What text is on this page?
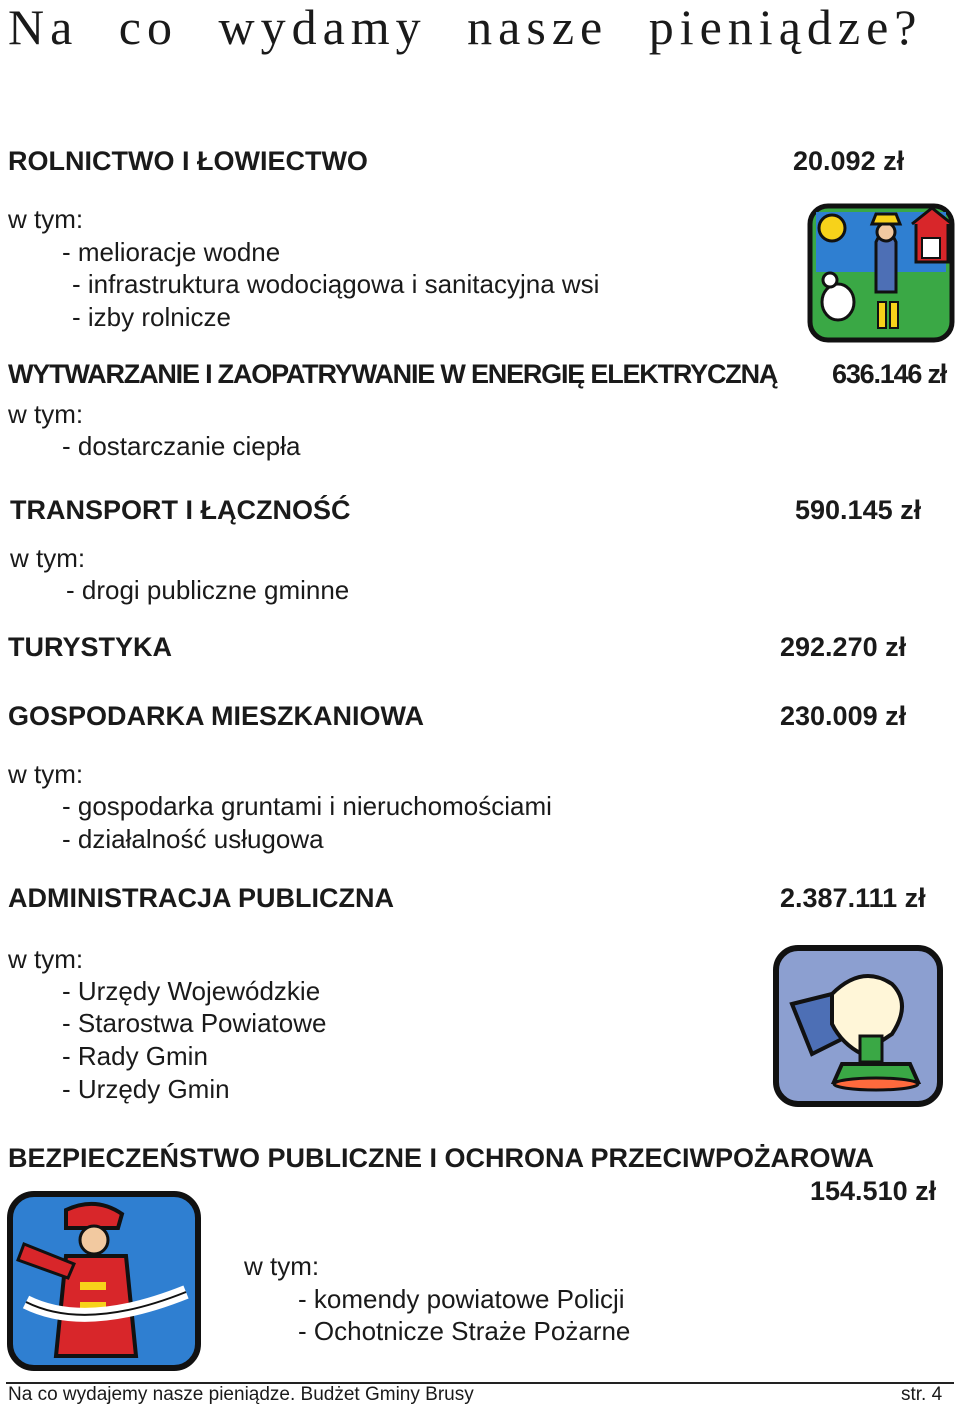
Na co wydamy nasze pieniądze?
ROLNICTWO I ŁOWIECTWO	20.092 zł
w tym:
- melioracje wodne
- infrastruktura wodociągowa i sanitacyjna wsi
- izby rolnicze
WYTWARZANIE I ZAOPATRYWANIE W ENERGIĘ ELEKTRYCZNĄ 636.146 zł
w tym:
- dostarczanie ciepła
TRANSPORT I ŁĄCZNOŚĆ	590.145 zł
w tym:
- drogi publiczne gminne
TURYSTYKA	292.270 zł
GOSPODARKA MIESZKANIOWA	230.009 zł
w tym:
- gospodarka gruntami i nieruchomościami
- działalność usługowa
ADMINISTRACJA PUBLICZNA	2.387.111 zł
w tym:
- Urzędy Wojewódzkie
- Starostwa Powiatowe
- Rady Gmin
- Urzędy Gmin
BEZPIECZEŃSTWO PUBLICZNE I OCHRONA PRZECIWPOŻAROWA
154.510 zł
w tym:
- komendy powiatowe Policji
- Ochotnicze Straże Pożarne
Na co wydajemy nasze pieniądze. Budżet Gminy Brusy	str. 4
